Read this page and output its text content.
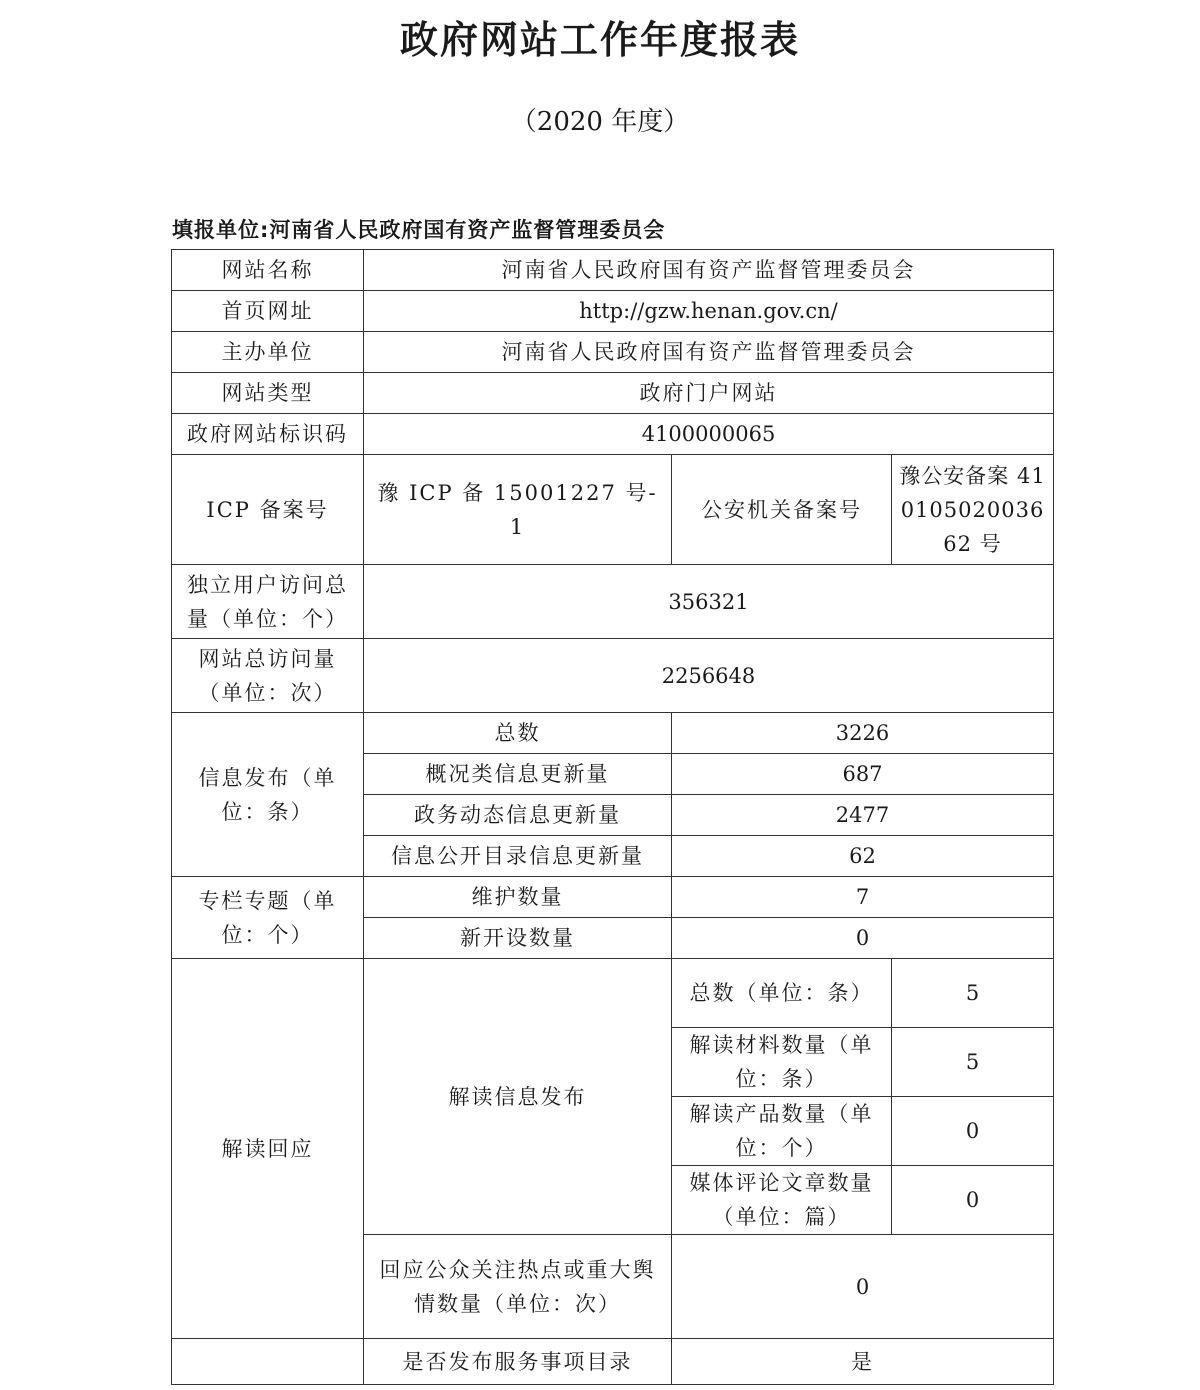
政府网站工作年度报表
（2020 年度）
填报单位:河南省人民政府国有资产监督管理委员会
网站名称	河南省人民政府国有资产监督管理委员会		
首页网址	http://gzw.henan.gov.cn/		
主办单位	河南省人民政府国有资产监督管理委员会		
网站类型	政府门户网站		
政府网站标识码	4100000065		
ICP 备案号	豫 ICP 备 15001227 号-1	公安机关备案号	豫公安备案 41010502003662 号
独立用户访问总量（单位：个）	356321		
网站总访问量（单位：次）	2256648		
信息发布（单位：条）	总数	3226	
	概况类信息更新量	687	
	政务动态信息更新量	2477	
	信息公开目录信息更新量	62	
专栏专题（单位：个）	维护数量	7	
	新开设数量	0	
解读回应	解读信息发布	总数（单位：条）	5
		解读材料数量（单位：条）	5
		解读产品数量（单位：个）	0
		媒体评论文章数量（单位：篇）	0
	回应公众关注热点或重大舆情数量（单位：次）	0	
	是否发布服务事项目录	是	
